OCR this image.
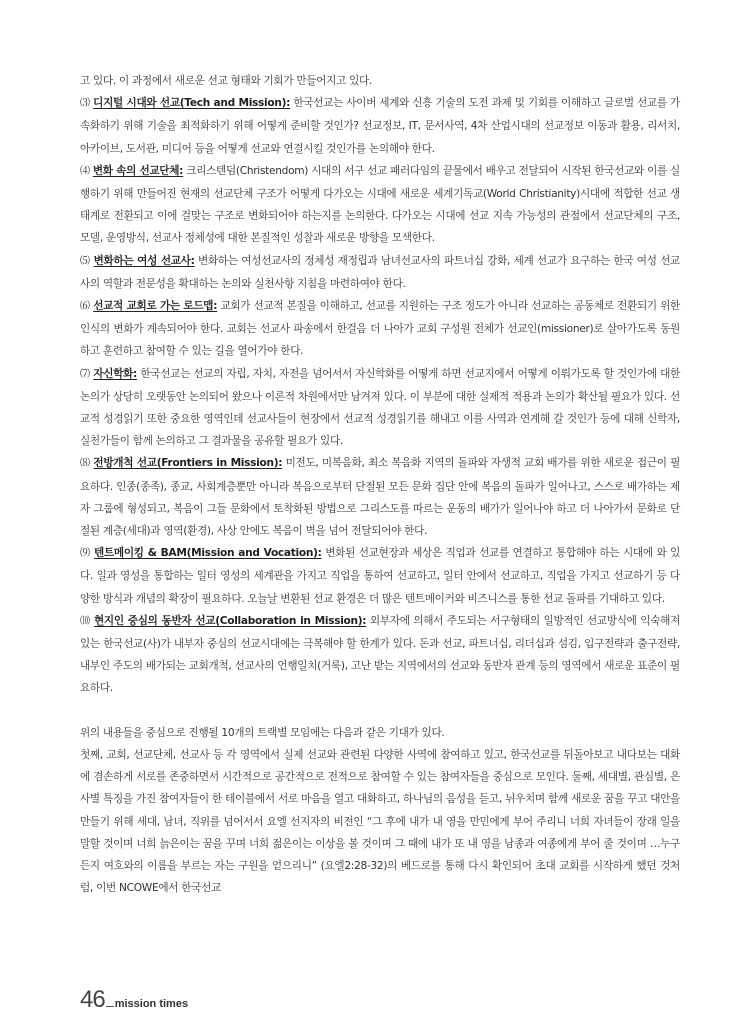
고 있다. 이 과정에서 새로운 선교 형태와 기회가 만들어지고 있다.

⑶ 디지털 시대와 선교(Tech and Mission): 한국선교는 사이버 세계와 신흥 기술의 도전 과제 및 기회를 이해하고 글로벌 선교를 가속화하기 위해 기술을 최적화하기 위해 어떻게 준비할 것인가? 선교정보, IT, 문서사역, 4차 산업시대의 선교정보 이동과 활용, 리서치, 아카이브, 도서관, 미디어 등을 어떻게 선교와 연결시킬 것인가를 논의해야 한다.

⑷ 변화 속의 선교단체: 크리스텐덤(Christendom) 시대의 서구 선교 패러다임의 끝물에서 배우고 전달되어 시작된 한국선교와 이를 실행하기 위해 만들어진 현재의 선교단체 구조가 어떻게 다가오는 시대에 새로운 세계기독교(World Christianity)시대에 적합한 선교 생태계로 전환되고 이에 걸맞는 구조로 변화되어야 하는지를 논의한다. 다가오는 시대에 선교 지속 가능성의 관점에서 선교단체의 구조, 모델, 운영방식, 선교사 정체성에 대한 본질적인 성찰과 새로운 방향을 모색한다.

⑸ 변화하는 여성 선교사: 변화하는 여성선교사의 정체성 재정립과 남녀선교사의 파트너십 강화, 세계 선교가 요구하는 한국 여성 선교사의 역할과 전문성을 확대하는 논의와 실천사항 지침을 마련하여야 한다.

⑹ 선교적 교회로 가는 로드맵: 교회가 선교적 본질을 이해하고, 선교를 지원하는 구조 정도가 아니라 선교하는 공동체로 전환되기 위한 인식의 변화가 계속되어야 한다. 교회는 선교사 파송에서 한걸음 더 나아가 교회 구성원 전체가 선교인(missioner)로 살아가도록 동원하고 훈련하고 참여할 수 있는 길을 열어가야 한다.

⑺ 자신학화: 한국선교는 선교의 자립, 자치, 자전을 넘어서서 자신학화를 어떻게 하면 선교지에서 어떻게 이뤄가도록 할 것인가에 대한 논의가 상당히 오랫동안 논의되어 왔으나 이론적 차원에서만 남겨져 있다. 이 부분에 대한 실제적 적용과 논의가 확산될 필요가 있다. 선교적 성경읽기 또한 중요한 영역인데 선교사들이 현장에서 선교적 성경읽기를 해내고 이를 사역과 연계해 갈 것인가 등에 대해 신학자, 실천가들이 함께 논의하고 그 결과물을 공유할 필요가 있다.

⑻ 전방개척 선교(Frontiers in Mission): 미전도, 미복음화, 최소 복음화 지역의 돌파와 자생적 교회 배가를 위한 새로운 접근이 필요하다. 인종(종족), 종교, 사회계층뿐만 아니라 복음으로부터 단절된 모든 문화 집단 안에 복음의 돌파가 일어나고, 스스로 배가하는 제자 그룹에 형성되고, 복음이 그들 문화에서 토착화된 방법으로 그리스도를 따르는 운동의 배가가 일어나야 하고 더 나아가서 문화로 단절된 계층(세대)과 영역(환경), 사상 안에도 복음이 벽을 넘어 전달되어야 한다.

⑼ 텐트메이킹 & BAM(Mission and Vocation): 변화된 선교현장과 세상은 직업과 선교를 연결하고 통합해야 하는 시대에 와 있다. 일과 영성을 통합하는 일터 영성의 세계관을 가지고 직업을 통하여 선교하고, 일터 안에서 선교하고, 직업을 가지고 선교하기 등 다양한 방식과 개념의 확장이 필요하다. 오늘날 변환된 선교 환경은 더 많은 텐트메이커와 비즈니스를 통한 선교 돌파를 기대하고 있다.

⑽ 현지인 중심의 동반자 선교(Collaboration in Mission): 외부자에 의해서 주도되는 서구형태의 일방적인 선교방식에 익숙해져 있는 한국선교(사)가 내부자 중심의 선교시대에는 극복해야 할 한계가 있다. 돈과 선교, 파트너십, 리더십과 섬김, 입구전략과 출구전략, 내부인 주도의 배가되는 교회개척, 선교사의 언행일치(거룩), 고난 받는 지역에서의 선교와 동반자 관계 등의 영역에서 새로운 표준이 필요하다.

위의 내용들을 중심으로 진행될 10개의 트랙별 모임에는 다음과 같은 기대가 있다.

첫째, 교회, 선교단체, 선교사 등 각 영역에서 실제 선교와 관련된 다양한 사역에 참여하고 있고, 한국선교를 뒤돌아보고 내다보는 대화에 겸손하게 서로를 존중하면서 시간적으로 공간적으로 전적으로 참여할 수 있는 참여자들을 중심으로 모인다. 둘째, 세대별, 관심별, 은사별 특징을 가진 참여자들이 한 테이블에서 서로 마음을 열고 대화하고, 하나님의 음성을 듣고, 뉘우치며 함께 새로운 꿈을 꾸고 대안을 만들기 위해 세대, 남녀, 직위를 넘어서서 요엘 선지자의 비전인 “그 후에 내가 내 영을 만민에게 부어 주리니 너희 자녀들이 장래 일을 말할 것이며 너희 늙은이는 꿈을 꾸며 너희 젊은이는 이상을 볼 것이며 그 때에 내가 또 내 영을 남종과 여종에게 부어 줄 것이며 …누구든지 여호와의 이름을 부르는 자는 구원을 얻으리니” (요엘2:28-32)의 베드로를 통해 다시 확인되어 초대 교회를 시작하게 했던 것처럼, 이번 NCOWE에서 한국선교

46 mission times
